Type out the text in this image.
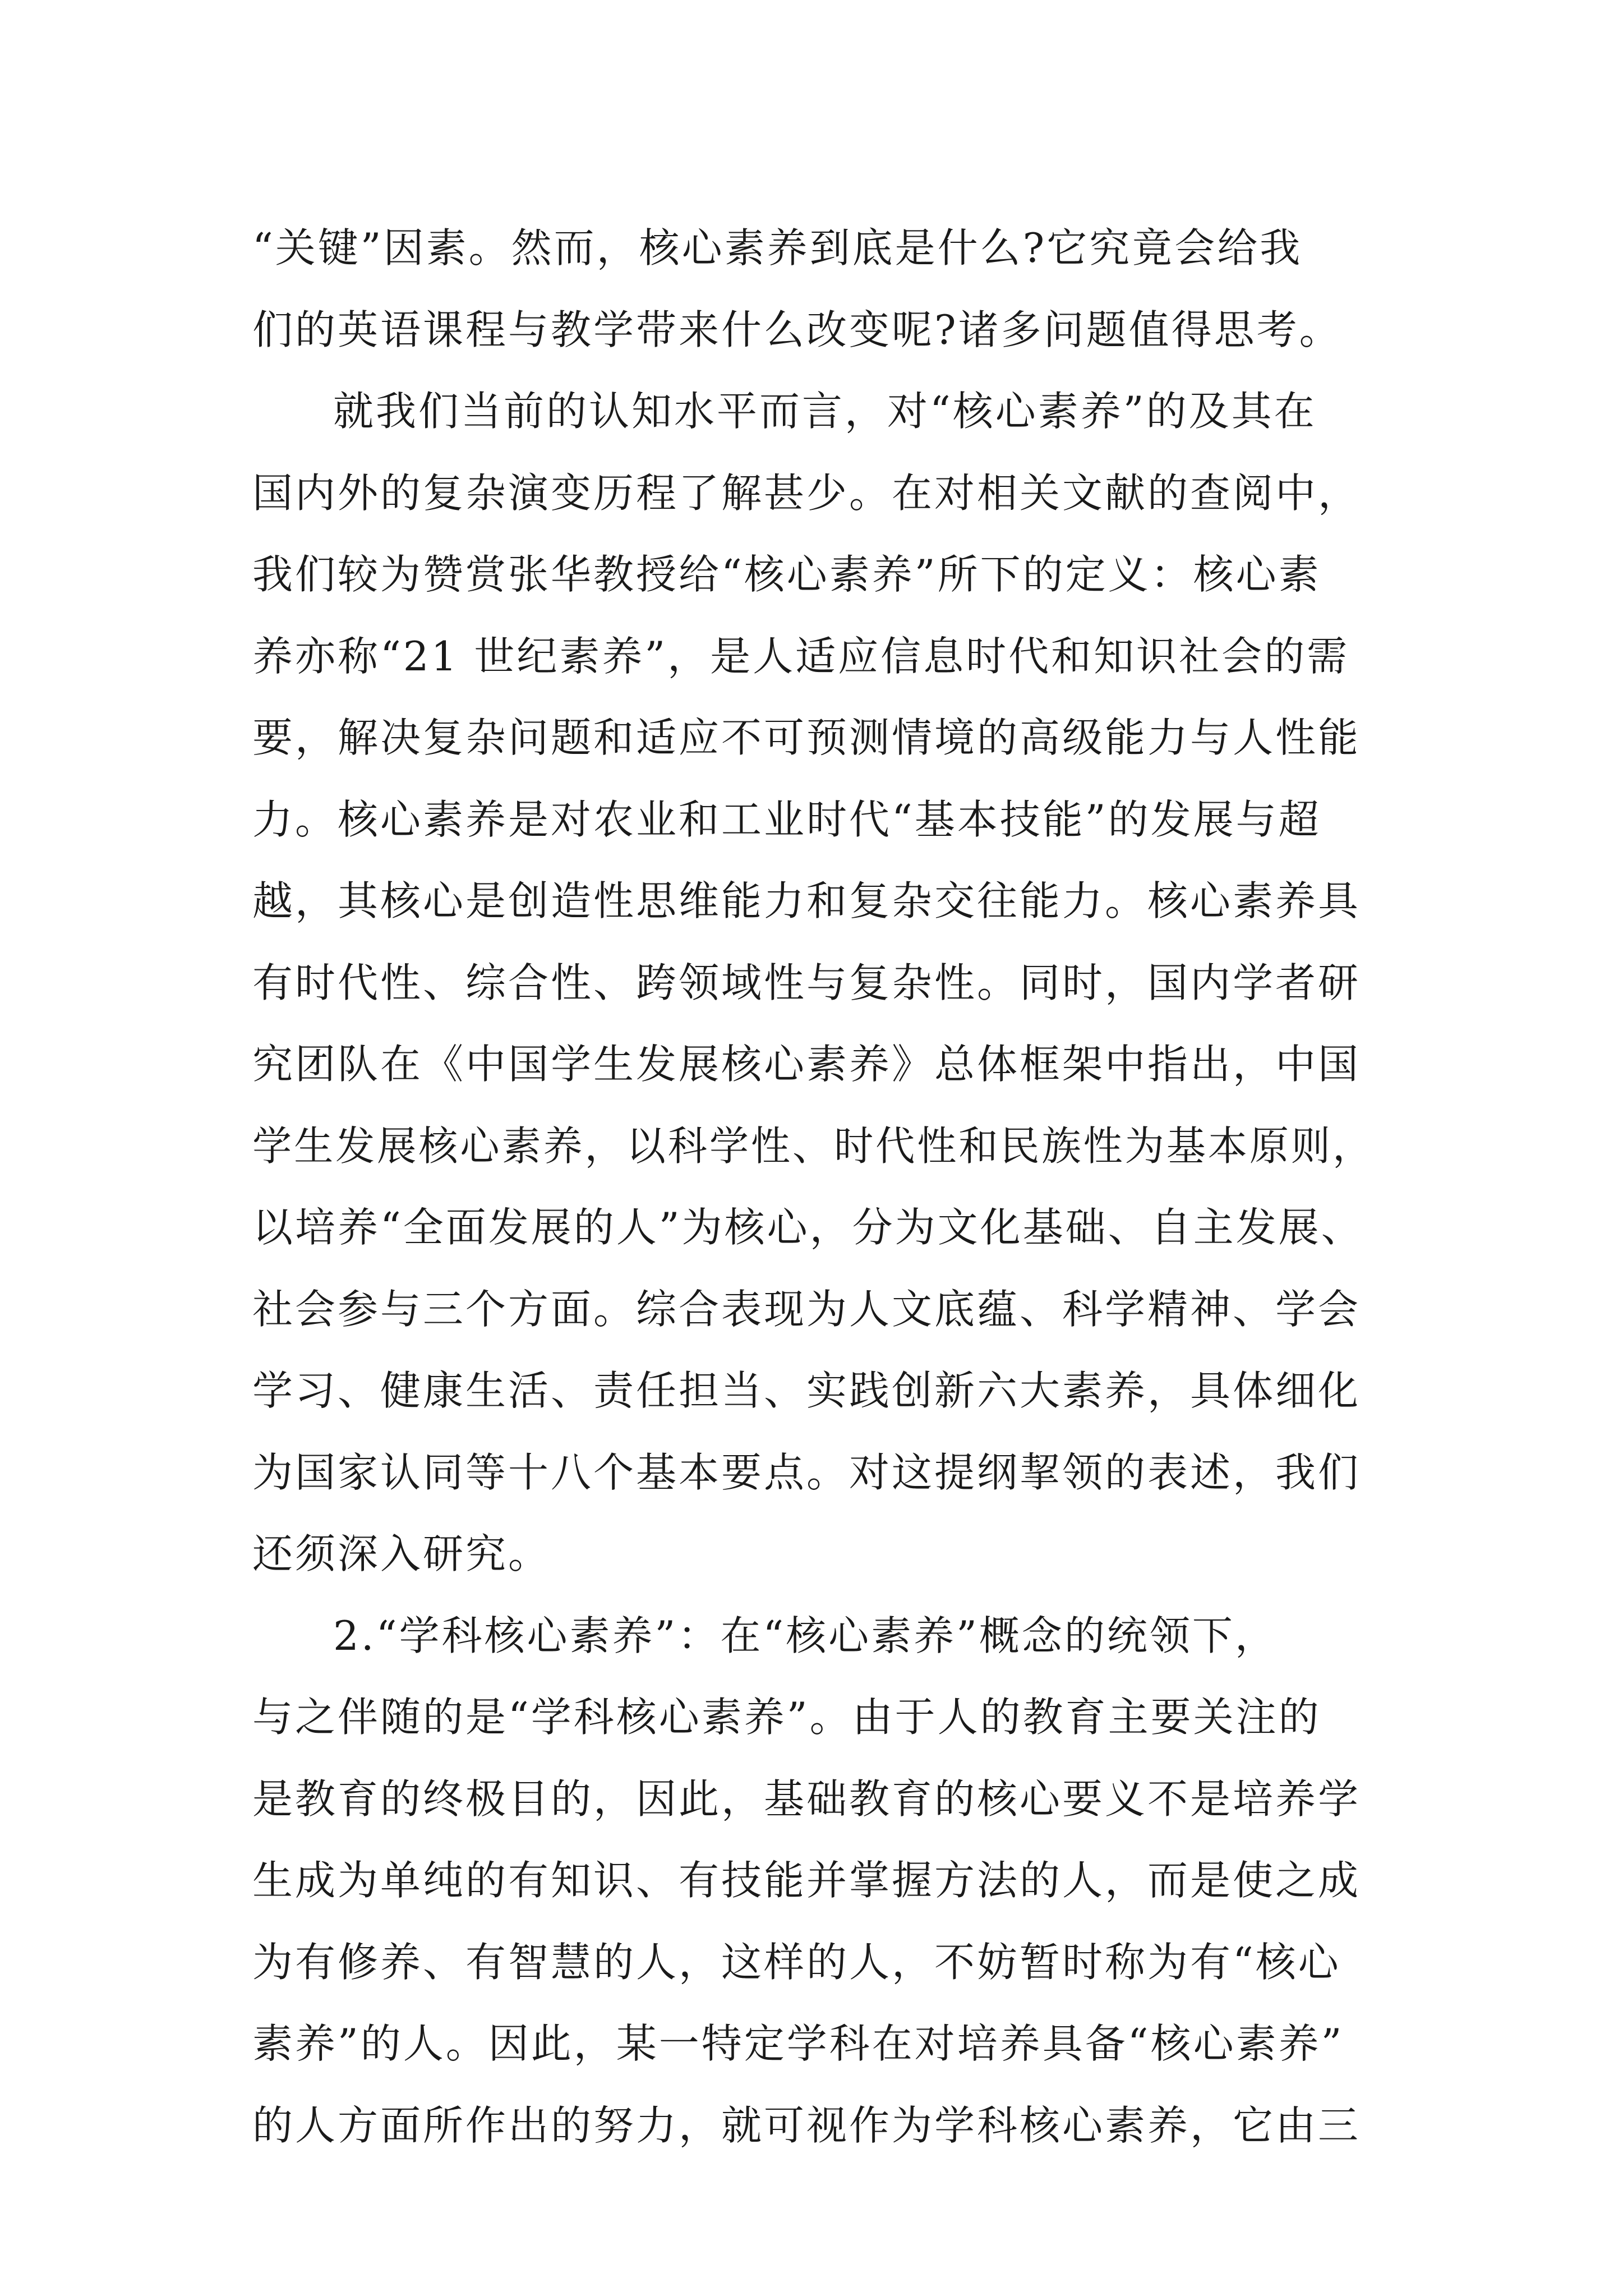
“关键”因素。然而，核心素养到底是什么?它究竟会给我
们的英语课程与教学带来什么改变呢?诸多问题值得思考。
就我们当前的认知水平而言，对“核心素养”的及其在
国内外的复杂演变历程了解甚少。在对相关文献的查阅中，
我们较为赞赏张华教授给“核心素养”所下的定义：核心素
养亦称“21 世纪素养”，是人适应信息时代和知识社会的需
要，解决复杂问题和适应不可预测情境的高级能力与人性能
力。核心素养是对农业和工业时代“基本技能”的发展与超
越，其核心是创造性思维能力和复杂交往能力。核心素养具
有时代性、综合性、跨领域性与复杂性。同时，国内学者研
究团队在《中国学生发展核心素养》总体框架中指出，中国
学生发展核心素养，以科学性、时代性和民族性为基本原则，
以培养“全面发展的人”为核心，分为文化基础、自主发展、
社会参与三个方面。综合表现为人文底蕴、科学精神、学会
学习、健康生活、责任担当、实践创新六大素养，具体细化
为国家认同等十八个基本要点。对这提纲挈领的表述，我们
还须深入研究。
2.“学科核心素养”：在“核心素养”概念的统领下，
与之伴随的是“学科核心素养”。由于人的教育主要关注的
是教育的终极目的，因此，基础教育的核心要义不是培养学
生成为单纯的有知识、有技能并掌握方法的人，而是使之成
为有修养、有智慧的人，这样的人，不妨暂时称为有“核心
素养”的人。因此，某一特定学科在对培养具备“核心素养”
的人方面所作出的努力，就可视作为学科核心素养，它由三
